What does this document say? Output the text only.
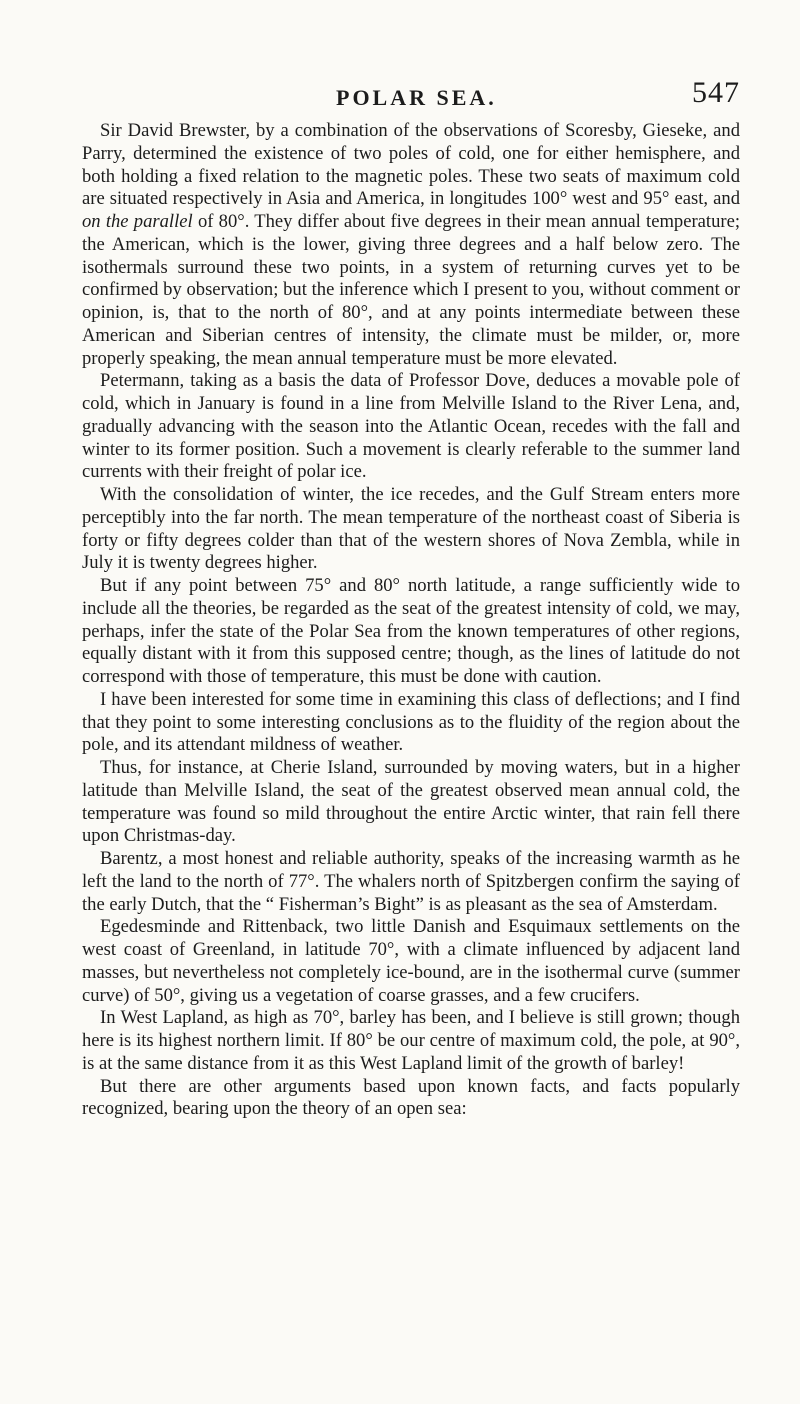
POLAR SEA.	547

Sir David Brewster, by a combination of the observations of Scoresby, Gieseke, and Parry, determined the existence of two poles of cold, one for either hemisphere, and both holding a fixed relation to the magnetic poles. These two seats of maximum cold are situated respectively in Asia and America, in longitudes 100° west and 95° east, and on the parallel of 80°. They differ about five degrees in their mean annual temperature; the American, which is the lower, giving three degrees and a half below zero. The isothermals surround these two points, in a system of returning curves yet to be confirmed by observation; but the inference which I present to you, without comment or opinion, is, that to the north of 80°, and at any points intermediate between these American and Siberian centres of intensity, the climate must be milder, or, more properly speaking, the mean annual temperature must be more elevated.

Petermann, taking as a basis the data of Professor Dove, deduces a movable pole of cold, which in January is found in a line from Melville Island to the River Lena, and, gradually advancing with the season into the Atlantic Ocean, recedes with the fall and winter to its former position. Such a movement is clearly referable to the summer land currents with their freight of polar ice.

With the consolidation of winter, the ice recedes, and the Gulf Stream enters more perceptibly into the far north. The mean temperature of the northeast coast of Siberia is forty or fifty degrees colder than that of the western shores of Nova Zembla, while in July it is twenty degrees higher.

But if any point between 75° and 80° north latitude, a range sufficiently wide to include all the theories, be regarded as the seat of the greatest intensity of cold, we may, perhaps, infer the state of the Polar Sea from the known temperatures of other regions, equally distant with it from this supposed centre; though, as the lines of latitude do not correspond with those of temperature, this must be done with caution.

I have been interested for some time in examining this class of deflections; and I find that they point to some interesting conclusions as to the fluidity of the region about the pole, and its attendant mildness of weather.

Thus, for instance, at Cherie Island, surrounded by moving waters, but in a higher latitude than Melville Island, the seat of the greatest observed mean annual cold, the temperature was found so mild throughout the entire Arctic winter, that rain fell there upon Christmas-day.

Barentz, a most honest and reliable authority, speaks of the increasing warmth as he left the land to the north of 77°. The whalers north of Spitzbergen confirm the saying of the early Dutch, that the “ Fisherman’s Bight” is as pleasant as the sea of Amsterdam.

Egedesminde and Rittenback, two little Danish and Esquimaux settlements on the west coast of Greenland, in latitude 70°, with a climate influenced by adjacent land masses, but nevertheless not completely ice-bound, are in the isothermal curve (summer curve) of 50°, giving us a vegetation of coarse grasses, and a few crucifers.

In West Lapland, as high as 70°, barley has been, and I believe is still grown; though here is its highest northern limit. If 80° be our centre of maximum cold, the pole, at 90°, is at the same distance from it as this West Lapland limit of the growth of barley!

But there are other arguments based upon known facts, and facts popularly recognized, bearing upon the theory of an open sea:
